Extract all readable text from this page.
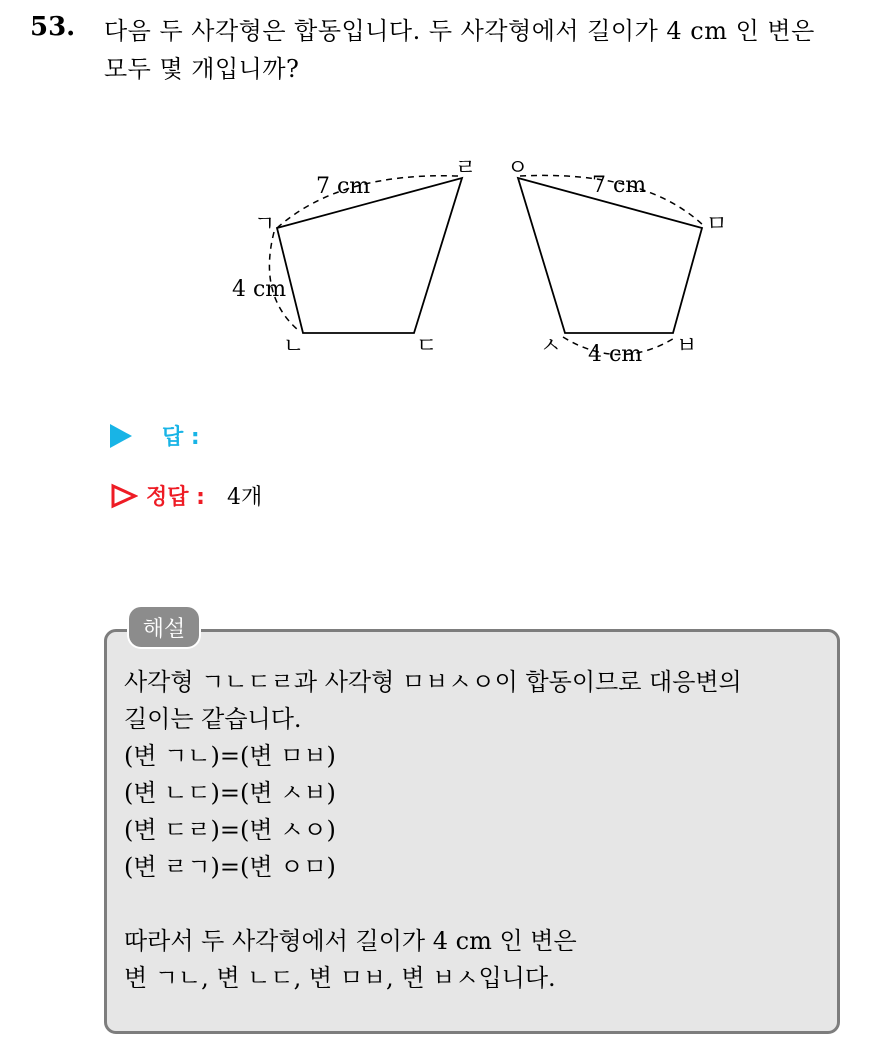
53. 다음 두 사각형은 합동입니다. 두 사각형에서 길이가 4 cm 인 변은
모두 몇 개입니까?
7 cm
4 cm
ㄱ
ㄴ	ㄷ
ㄹ
7 cm
4 cm
ㅇ
ㅁ
ㅂ
ㅅ
답 :
정답 : 4개
해설
사각형 ㄱㄴㄷㄹ과 사각형 ㅁㅂㅅㅇ이 합동이므로 대응변의
길이는 같습니다.
(변 ㄱㄴ)=(변 ㅁㅂ)
(변 ㄴㄷ)=(변 ㅅㅂ)
(변 ㄷㄹ)=(변 ㅅㅇ)
(변 ㄹㄱ)=(변 ㅇㅁ)
따라서 두 사각형에서 길이가 4 cm 인 변은
변 ㄱㄴ, 변 ㄴㄷ, 변 ㅁㅂ, 변 ㅂㅅ입니다.
